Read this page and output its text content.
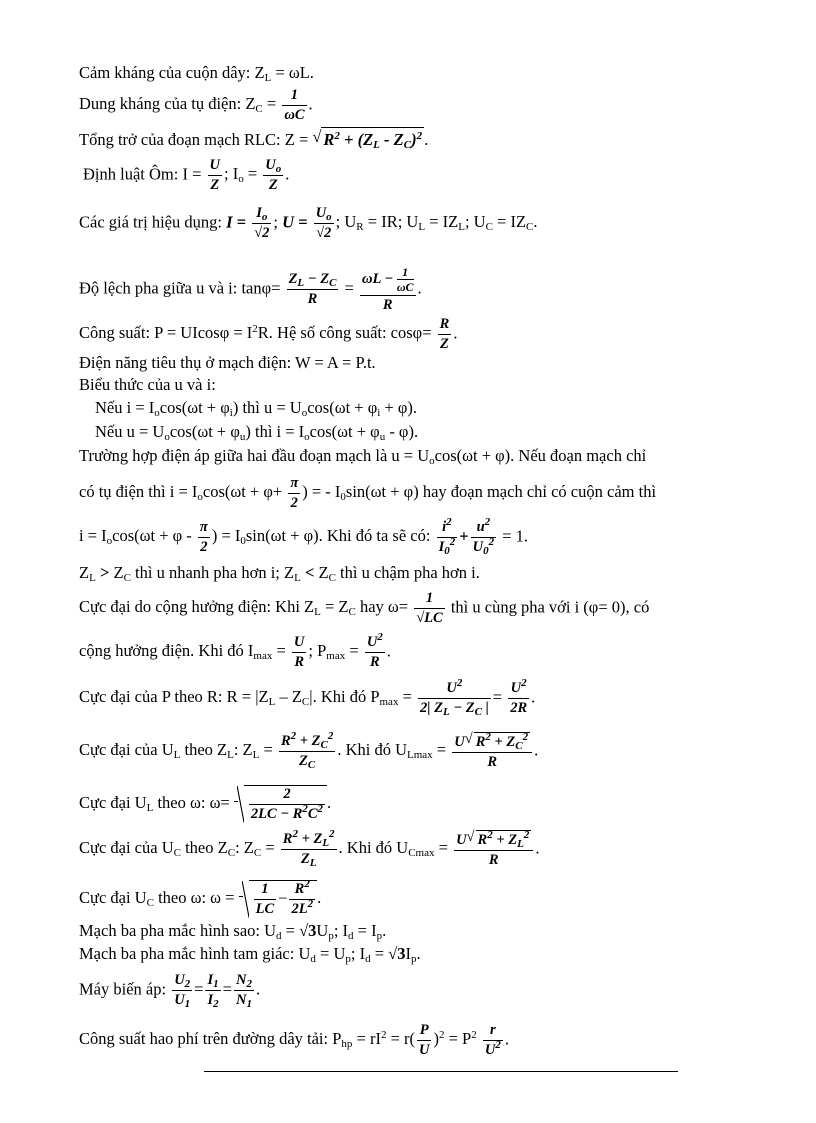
Cảm kháng của cuộn dây: $Z_L = \omega L$.
Dung kháng của tụ điện: $Z_C = \frac{1}{\omega C}$ .
Tổng trở của đoạn mạch RLC: Z = √ $R^2 + (Z_L - Z_C)^2$ .
Định luật Ôm: $I = \frac{U}{Z}$ ; $I_o = \frac{U_o}{Z}$ .
Các giá trị hiệu dụng: $I = \frac{I_o}{√2}$ ; $U = \frac{U_o}{√2}$ ; $U_R$ = IR; $U_L = IZ_L$; $U_C = IZ_C$.
Độ lệch pha giữa u và i: $\tan\varphi= \frac{Z_L - Z_C}{R} = \frac{\omega L - \frac{1}{\omega C}}{R}$ .
Công suất: $P = UIcos\varphi = I^2R$. Hệ số công suất: $\cos\varphi= \frac{R}{Z}$ .
Điện năng tiêu thụ ở mạch điện: W = A = P.t.
Biểu thức của u và i:
Nếu $i = I_o\cos(\omega t + \varphi_i)$ thì $u = U_o\cos(\omega t + \varphi_i + \varphi)$.
Nếu $u = U_o\cos(\omega t + \varphi_u)$ thì $i = I_o\cos(\omega t + \varphi_u - \varphi)$.
Trường hợp điện áp giữa hai đầu đoạn mạch là $u = U_o\cos(\omega t + \varphi)$. Nếu đoạn mạch chỉ
có tụ điện thì $i = I_o\cos(\omega t + \varphi+ \frac{\pi}{2}$ ) = - $I_0\sin(\omega t + \varphi)$ hay đoạn mạch chỉ có cuộn cảm thì
$i = I_o\cos(\omega t + \varphi - \frac{\pi}{2}$ ) = $I_0\sin(\omega t + \varphi)$. Khi đó ta sẽ có: $\frac{i^2}{I_0^2} + \frac{u^2}{U_0^2} = 1$.
$Z_L > Z_C$ thì u nhanh pha hơn i; $Z_L < Z_C$ thì u chậm pha hơn i.
Cực đại do cộng hưởng điện: Khi $Z_L = Z_C$ hay $\omega= \frac{1}{√LC}$ thì u cùng pha với i (φ= 0), có
cộng hưởng điện. Khi đó $I_{max} = \frac{U}{R}$ ; $P_{max} = \frac{U^2}{R}$ .
Cực đại của P theo R: $R = |Z_L - Z_C|$. Khi đó $P_{max} = \frac{U^2}{2| Z_L - Z_C |} = \frac{U^2}{2R}$ .
Cực đại của $U_L$ theo $Z_L$: $Z_L = \frac{R^2 + Z_C^2}{Z_C}$ . Khi đó $U_{Lmax} = \frac{U √ R^2 + Z_C^2}{R}$ .
Cực đại $U_L$ theo ω: $\omega= \frac{2}{2LC - R^2C^2}$ .
Cực đại của $U_C$ theo $Z_C$: $Z_C = \frac{R^2 + Z_L^2}{Z_L}$ . Khi đó $U_{Cmax} = \frac{U √ R^2 + Z_L^2}{R}$ .
Cực đại $U_C$ theo ω: $\omega = \frac{1}{LC} - \frac{R^2}{2L^2}$ .
Mạch ba pha mắc hình sao: $U_d = √3U_p$; $I_d = I_p$.
Mạch ba pha mắc hình tam giác: $U_d = U_p$; $I_d = √3I_p$.
Máy biến áp: $\frac{U_2}{U_1} = \frac{I_1}{I_2} = \frac{N_2}{N_1}$ .
Công suất hao phí trên đường dây tải: $P_{hp} = rI^2 = r( \frac{P}{U} )^2 = P^2 \frac{r}{U^2}$ .
